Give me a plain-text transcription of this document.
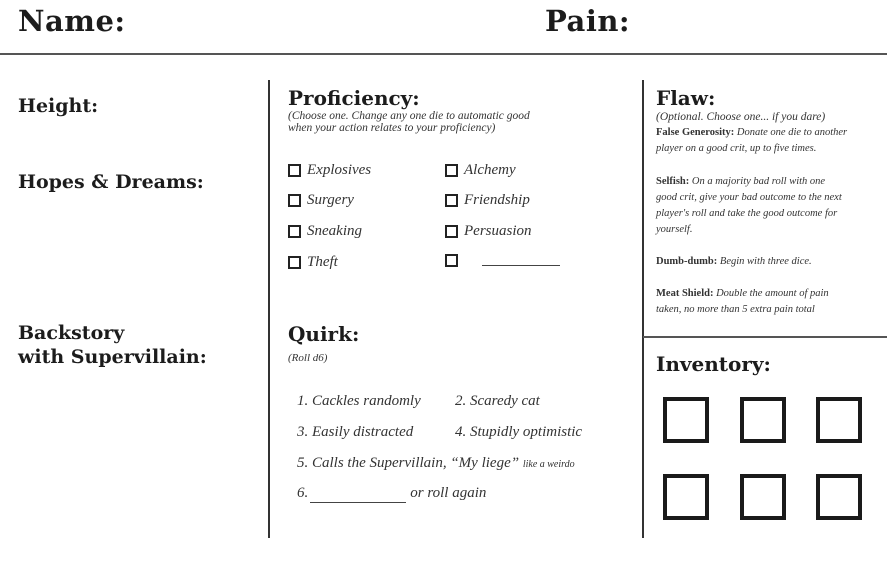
Name:	Pain:
Height:
Hopes & Dreams:
Backstory
with Supervillain:
Proficiency:
(Choose one. Change any one die to automatic good
when your action relates to your proficiency)
Explosives
Surgery
Sneaking
Theft
Alchemy
Friendship
Persuasion
Quirk:
(Roll d6)
1. Cackles randomly 2. Scaredy cat
3. Easily distracted	4. Stupidly optimistic
5. Calls the Supervillain, “My liege” like a weirdo
6.	or roll again
Flaw:
(Optional. Choose one... if you dare)
False Generosity: Donate one die to another
player on a good crit, up to five times.
Selfish: On a majority bad roll with one
good crit, give your bad outcome to the next
player's roll and take the good outcome for
yourself.
Dumb-dumb: Begin with three dice.
Meat Shield: Double the amount of pain
taken, no more than 5 extra pain total
Inventory:
